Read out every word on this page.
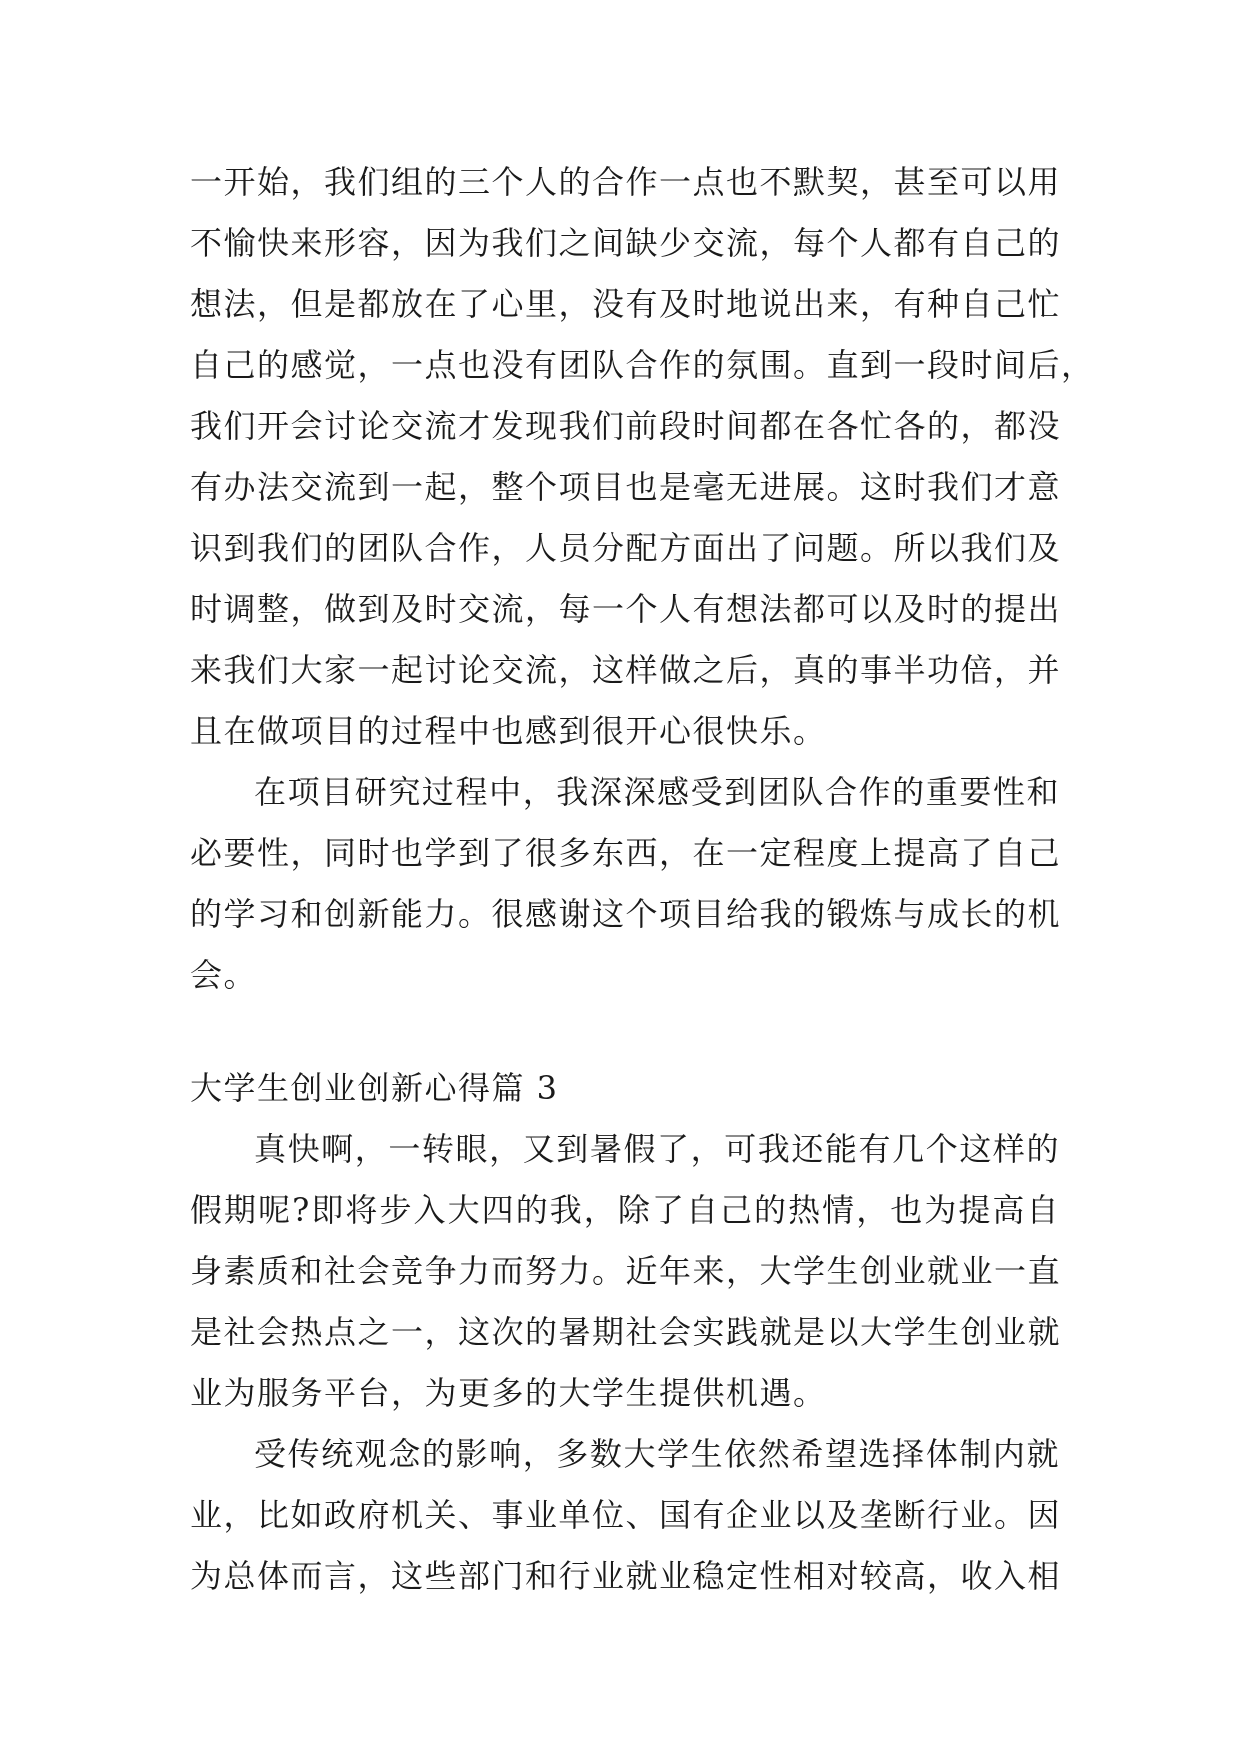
一开始，我们组的三个人的合作一点也不默契，甚至可以用
不愉快来形容，因为我们之间缺少交流，每个人都有自己的
想法，但是都放在了心里，没有及时地说出来，有种自己忙
自己的感觉，一点也没有团队合作的氛围。直到一段时间后，
我们开会讨论交流才发现我们前段时间都在各忙各的，都没
有办法交流到一起，整个项目也是毫无进展。这时我们才意
识到我们的团队合作，人员分配方面出了问题。所以我们及
时调整，做到及时交流，每一个人有想法都可以及时的提出
来我们大家一起讨论交流，这样做之后，真的事半功倍，并
且在做项目的过程中也感到很开心很快乐。
在项目研究过程中，我深深感受到团队合作的重要性和
必要性，同时也学到了很多东西，在一定程度上提高了自己
的学习和创新能力。很感谢这个项目给我的锻炼与成长的机
会。
大学生创业创新心得篇 3
真快啊，一转眼，又到暑假了，可我还能有几个这样的
假期呢?即将步入大四的我，除了自己的热情，也为提高自
身素质和社会竞争力而努力。近年来，大学生创业就业一直
是社会热点之一，这次的暑期社会实践就是以大学生创业就
业为服务平台，为更多的大学生提供机遇。
受传统观念的影响，多数大学生依然希望选择体制内就
业，比如政府机关、事业单位、国有企业以及垄断行业。因
为总体而言，这些部门和行业就业稳定性相对较高，收入相
